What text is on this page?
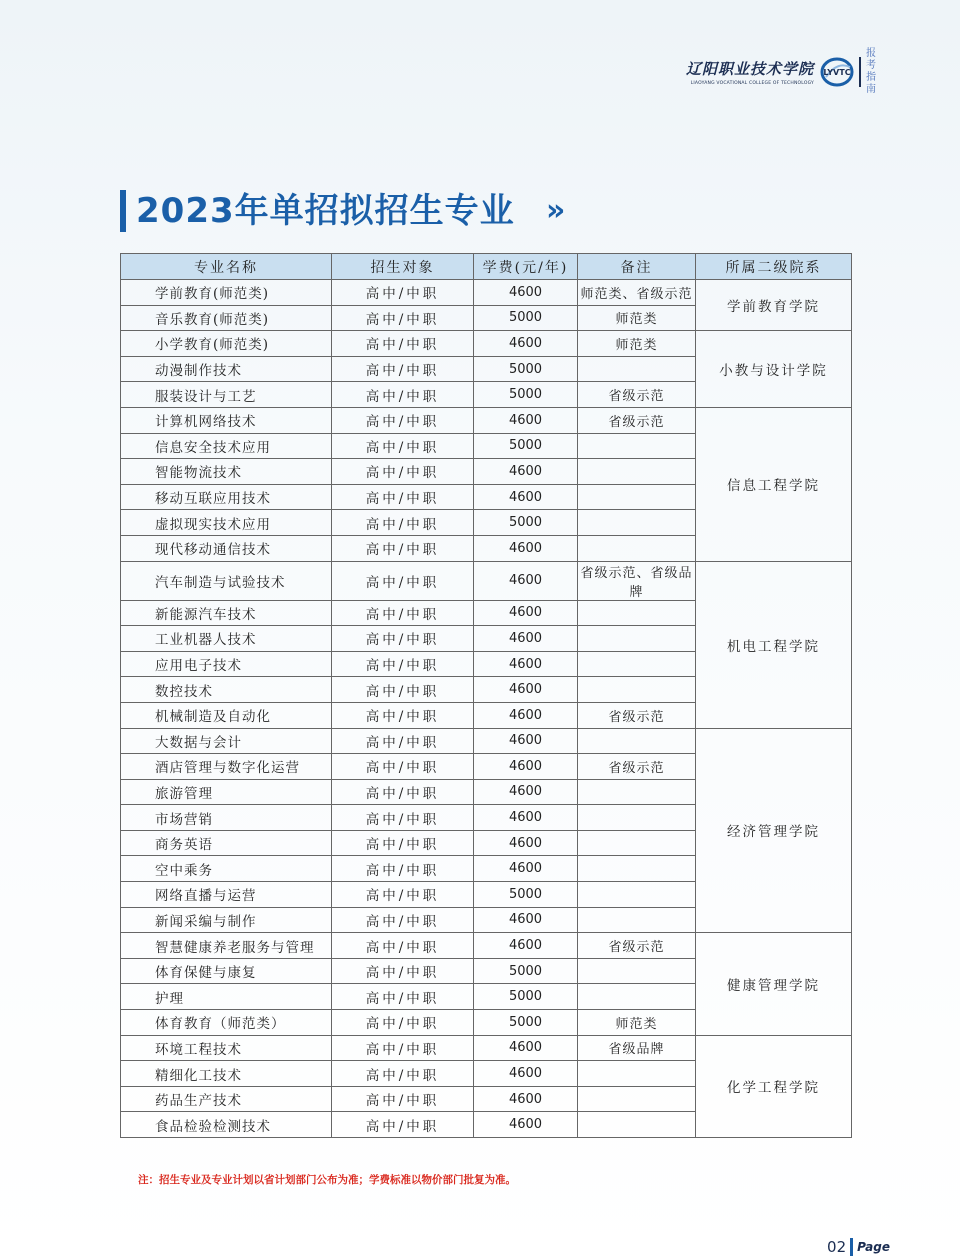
辽阳职业技术学院
LIAOYANG VOCATIONAL COLLEGE OF TECHNOLOGY
LYVTC
报考指南
2023年单招拟招生专业 »
专业名称	招生对象	学费(元/年)	备注	所属二级院系
学前教育(师范类)	高中/中职	4600	师范类、省级示范	学前教育学院
音乐教育(师范类)	高中/中职	5000	师范类	
小学教育(师范类)	高中/中职	4600	师范类	小教与设计学院
动漫制作技术	高中/中职	5000		
服装设计与工艺	高中/中职	5000	省级示范	
计算机网络技术	高中/中职	4600	省级示范	信息工程学院
信息安全技术应用	高中/中职	5000		
智能物流技术	高中/中职	4600		
移动互联应用技术	高中/中职	4600		
虚拟现实技术应用	高中/中职	5000		
现代移动通信技术	高中/中职	4600		
汽车制造与试验技术	高中/中职	4600	省级示范、省级品牌	机电工程学院
新能源汽车技术	高中/中职	4600		
工业机器人技术	高中/中职	4600		
应用电子技术	高中/中职	4600		
数控技术	高中/中职	4600		
机械制造及自动化	高中/中职	4600	省级示范	
大数据与会计	高中/中职	4600		经济管理学院
酒店管理与数字化运营	高中/中职	4600	省级示范	
旅游管理	高中/中职	4600		
市场营销	高中/中职	4600		
商务英语	高中/中职	4600		
空中乘务	高中/中职	4600		
网络直播与运营	高中/中职	5000		
新闻采编与制作	高中/中职	4600		
智慧健康养老服务与管理	高中/中职	4600	省级示范	健康管理学院
体育保健与康复	高中/中职	5000		
护理	高中/中职	5000		
体育教育（师范类）	高中/中职	5000	师范类	
环境工程技术	高中/中职	4600	省级品牌	化学工程学院
精细化工技术	高中/中职	4600		
药品生产技术	高中/中职	4600		
食品检验检测技术	高中/中职	4600		
注：招生专业及专业计划以省计划部门公布为准；学费标准以物价部门批复为准。
02 Page
